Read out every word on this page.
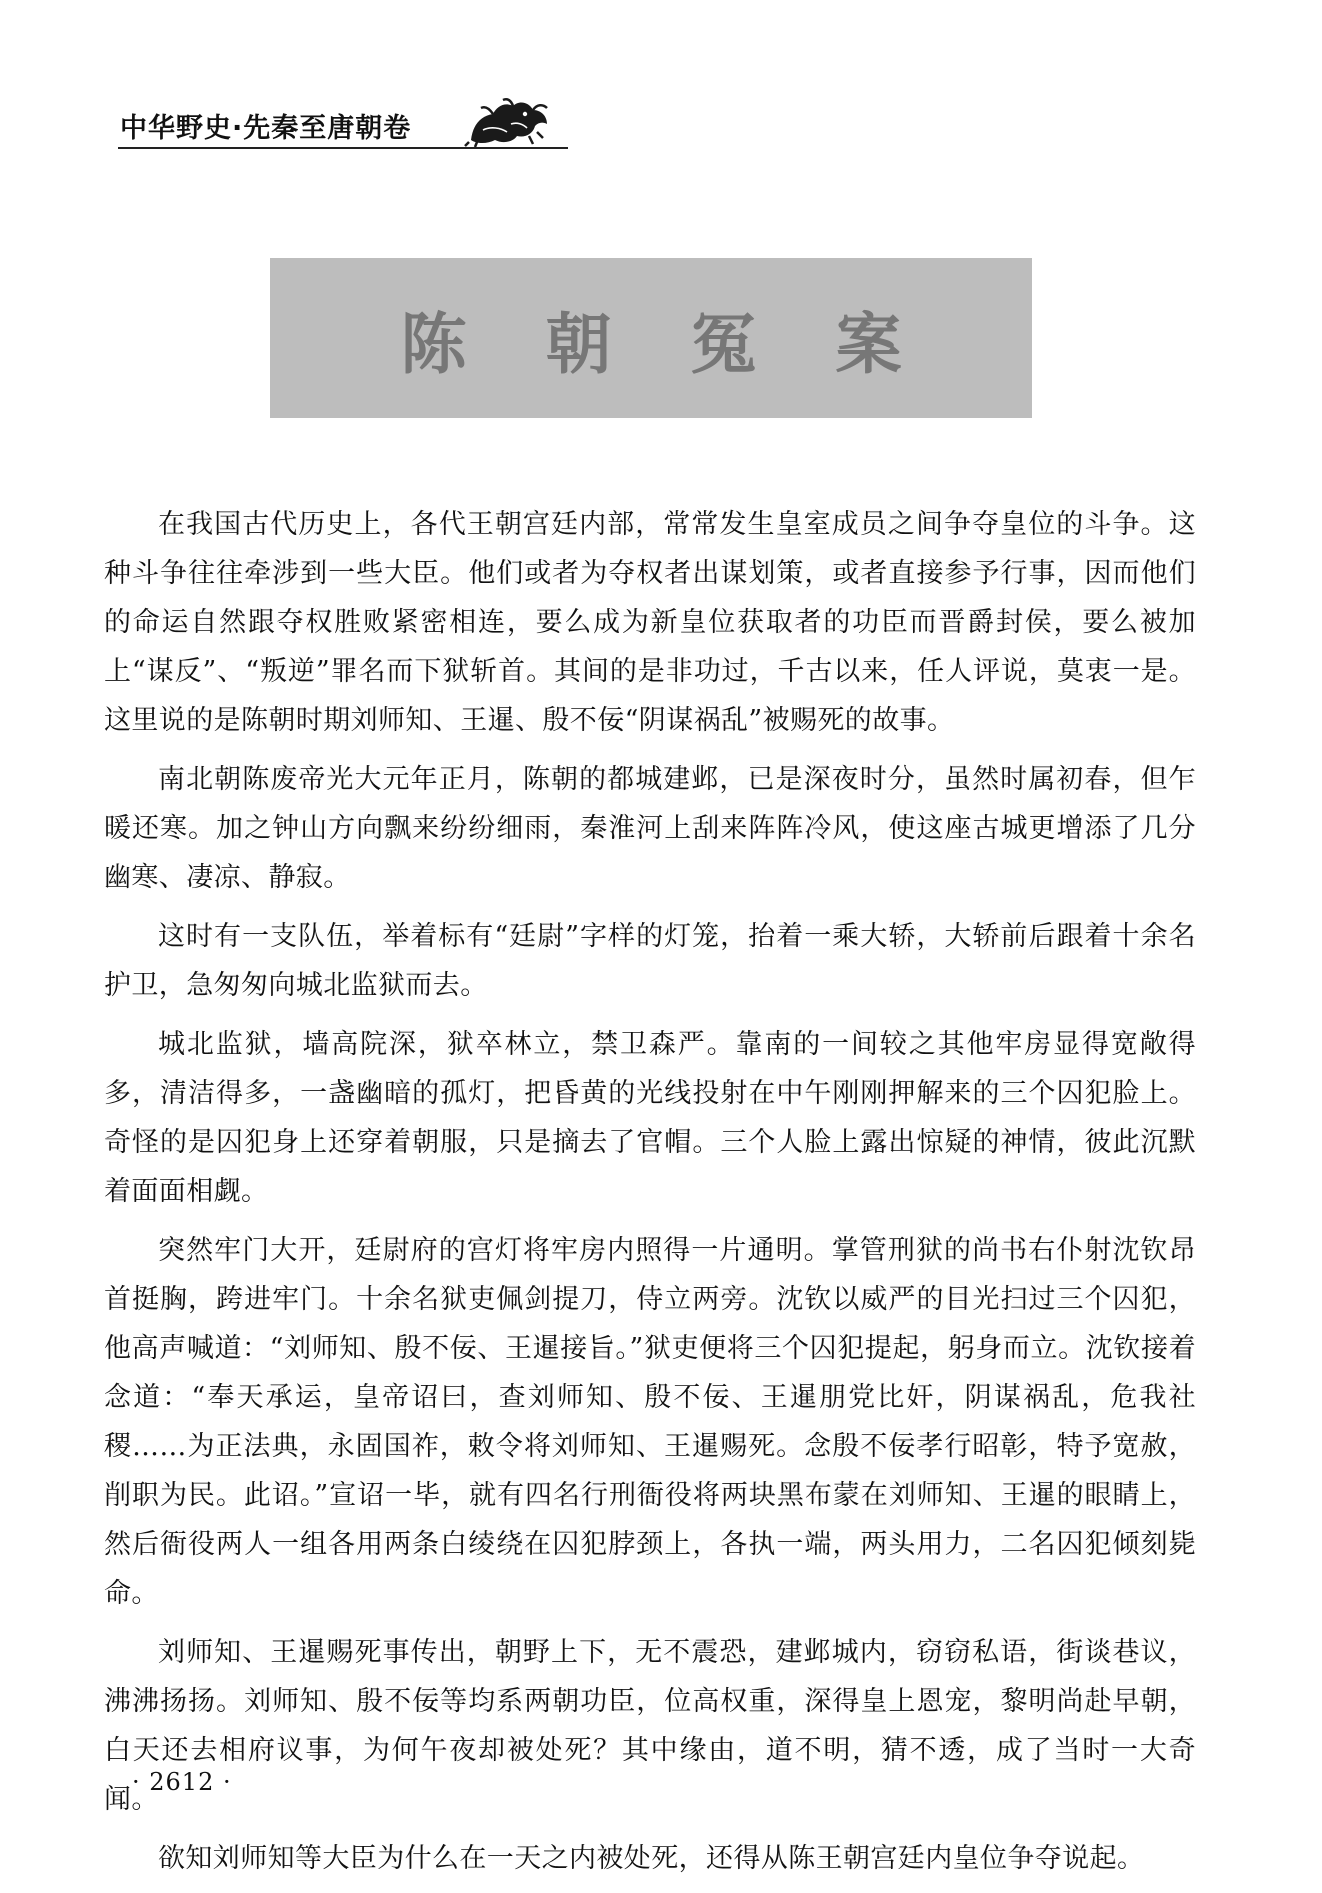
中华野史·先秦至唐朝卷
陈 朝 冤 案

在我国古代历史上，各代王朝宫廷内部，常常发生皇室成员之间争夺皇位的斗争。这种斗争往往牵涉到一些大臣。他们或者为夺权者出谋划策，或者直接参予行事，因而他们的命运自然跟夺权胜败紧密相连，要么成为新皇位获取者的功臣而晋爵封侯，要么被加上“谋反”、“叛逆”罪名而下狱斩首。其间的是非功过，千古以来，任人评说，莫衷一是。这里说的是陈朝时期刘师知、王暹、殷不佞“阴谋祸乱”被赐死的故事。

南北朝陈废帝光大元年正月，陈朝的都城建邺，已是深夜时分，虽然时属初春，但乍暖还寒。加之钟山方向飘来纷纷细雨，秦淮河上刮来阵阵冷风，使这座古城更增添了几分幽寒、凄凉、静寂。

这时有一支队伍，举着标有“廷尉”字样的灯笼，抬着一乘大轿，大轿前后跟着十余名护卫，急匆匆向城北监狱而去。

城北监狱，墙高院深，狱卒林立，禁卫森严。靠南的一间较之其他牢房显得宽敞得多，清洁得多，一盏幽暗的孤灯，把昏黄的光线投射在中午刚刚押解来的三个囚犯脸上。奇怪的是囚犯身上还穿着朝服，只是摘去了官帽。三个人脸上露出惊疑的神情，彼此沉默着面面相觑。

突然牢门大开，廷尉府的宫灯将牢房内照得一片通明。掌管刑狱的尚书右仆射沈钦昂首挺胸，跨进牢门。十余名狱吏佩剑提刀，侍立两旁。沈钦以威严的目光扫过三个囚犯，他高声喊道：“刘师知、殷不佞、王暹接旨。”狱吏便将三个囚犯提起，躬身而立。沈钦接着念道：“奉天承运，皇帝诏曰，查刘师知、殷不佞、王暹朋党比奸，阴谋祸乱，危我社稷……为正法典，永固国祚，敕令将刘师知、王暹赐死。念殷不佞孝行昭彰，特予宽赦，削职为民。此诏。”宣诏一毕，就有四名行刑衙役将两块黑布蒙在刘师知、王暹的眼睛上，然后衙役两人一组各用两条白绫绕在囚犯脖颈上，各执一端，两头用力，二名囚犯倾刻毙命。

刘师知、王暹赐死事传出，朝野上下，无不震恐，建邺城内，窃窃私语，街谈巷议，沸沸扬扬。刘师知、殷不佞等均系两朝功臣，位高权重，深得皇上恩宠，黎明尚赴早朝，白天还去相府议事，为何午夜却被处死？其中缘由，道不明，猜不透，成了当时一大奇闻。

欲知刘师知等大臣为什么在一天之内被处死，还得从陈王朝宫廷内皇位争夺说起。

· 2612 ·
